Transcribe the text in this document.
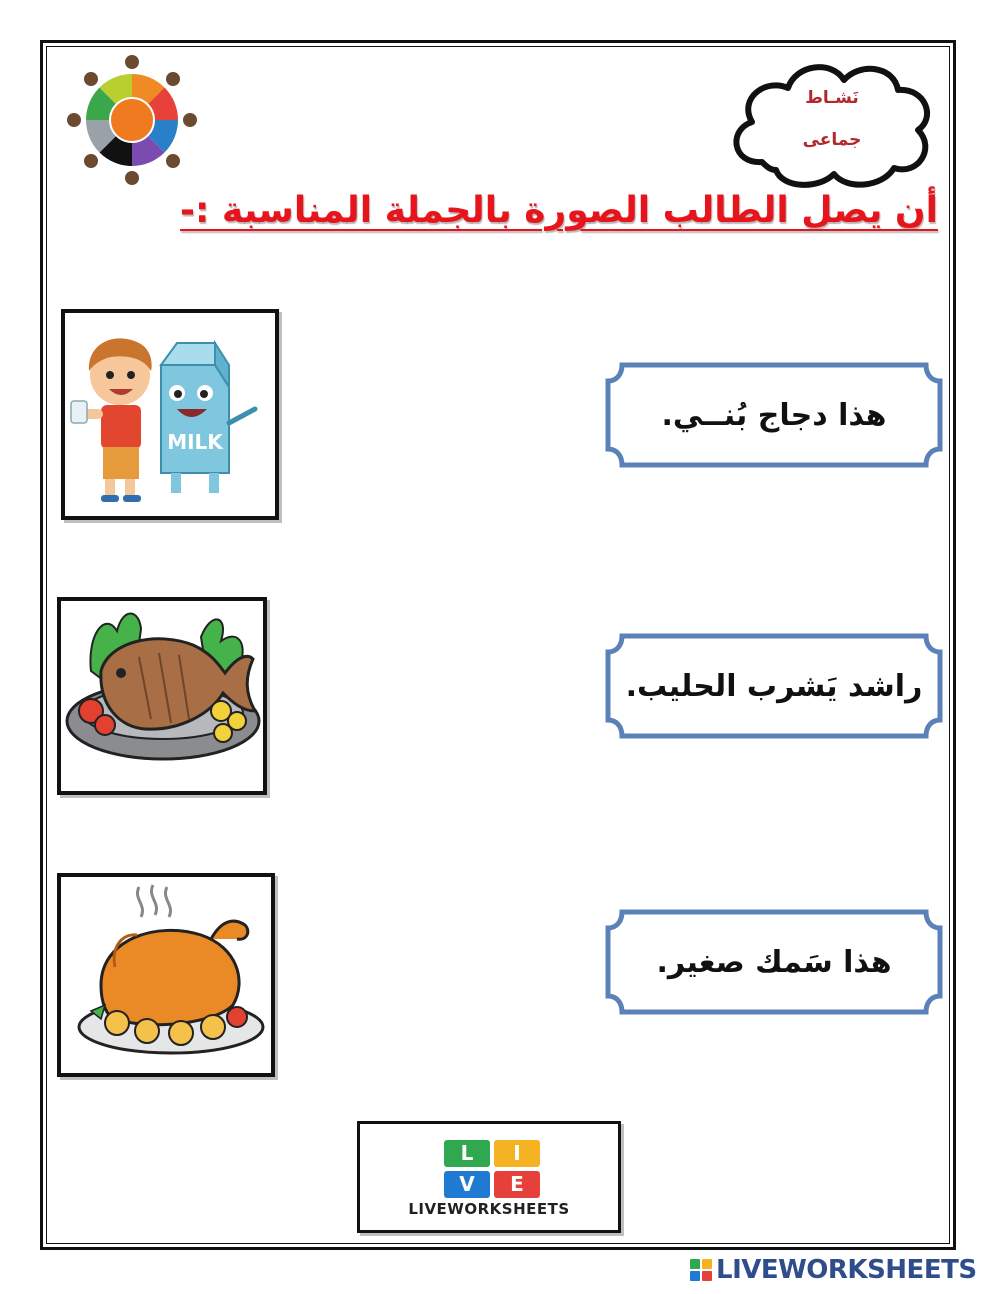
نَشـاط
جماعى
أن يصل الطالب الصورة بالجملة المناسبة :-
MILK
هذا دجاج بُنــي.
راشد يَشرب الحليب.
هذا سَمك صغير.
L	I
V	E
LIVEWORKSHEETS
LIVEWORKSHEETS
